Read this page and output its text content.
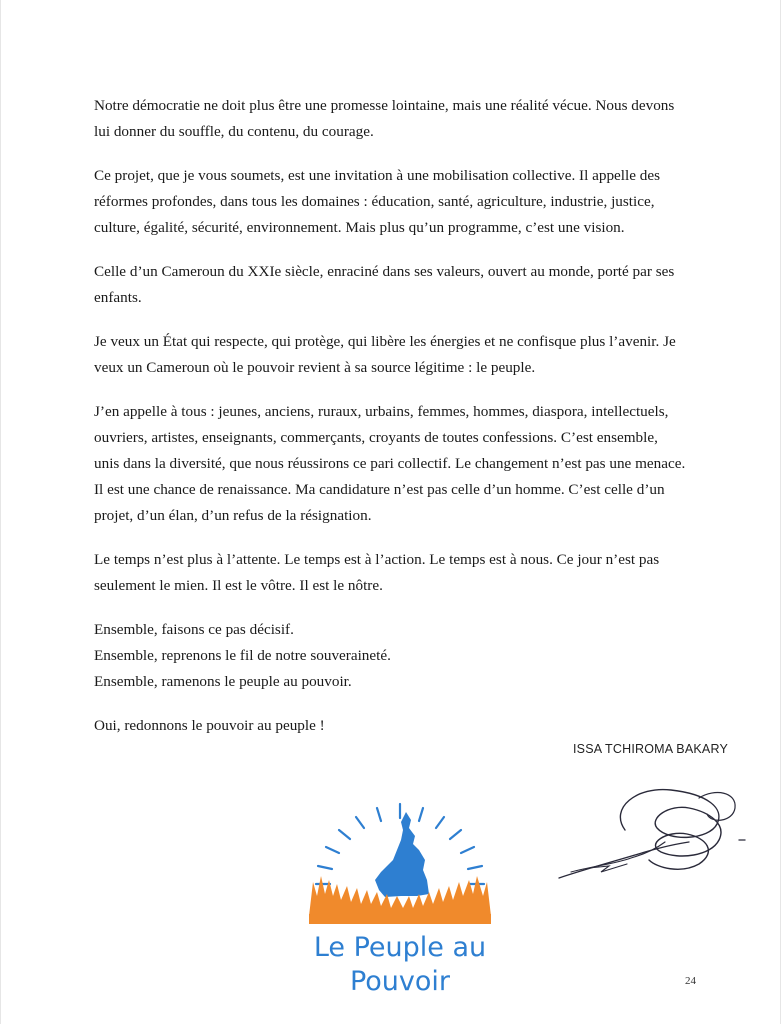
Notre démocratie ne doit plus être une promesse lointaine, mais une réalité vécue. Nous devons
lui donner du souffle, du contenu, du courage.

Ce projet, que je vous soumets, est une invitation à une mobilisation collective. Il appelle des
réformes profondes, dans tous les domaines : éducation, santé, agriculture, industrie, justice,
culture, égalité, sécurité, environnement. Mais plus qu’un programme, c’est une vision.

Celle d’un Cameroun du XXIe siècle, enraciné dans ses valeurs, ouvert au monde, porté par ses
enfants.

Je veux un État qui respecte, qui protège, qui libère les énergies et ne confisque plus l’avenir. Je
veux un Cameroun où le pouvoir revient à sa source légitime : le peuple.

J’en appelle à tous : jeunes, anciens, ruraux, urbains, femmes, hommes, diaspora, intellectuels,
ouvriers, artistes, enseignants, commerçants, croyants de toutes confessions. C’est ensemble,
unis dans la diversité, que nous réussirons ce pari collectif. Le changement n’est pas une menace.
Il est une chance de renaissance. Ma candidature n’est pas celle d’un homme. C’est celle d’un
projet, d’un élan, d’un refus de la résignation.

Le temps n’est plus à l’attente. Le temps est à l’action. Le temps est à nous. Ce jour n’est pas
seulement le mien. Il est le vôtre. Il est le nôtre.

Ensemble, faisons ce pas décisif.
Ensemble, reprenons le fil de notre souveraineté.
Ensemble, ramenons le peuple au pouvoir.

Oui, redonnons le pouvoir au peuple !

ISSA TCHIROMA BAKARY
Le Peuple au
Pouvoir	24
